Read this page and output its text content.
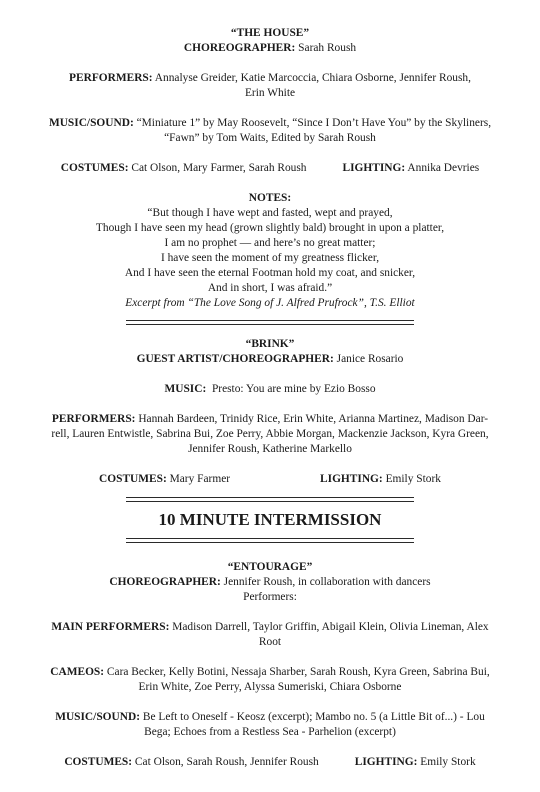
“THE HOUSE”
CHOREOGRAPHER: Sarah Roush
PERFORMERS: Annalyse Greider, Katie Marcoccia, Chiara Osborne, Jennifer Roush,
Erin White
MUSIC/SOUND: “Miniature 1” by May Roosevelt, “Since I Don’t Have You” by the Skyliners,
“Fawn” by Tom Waits, Edited by Sarah Roush
COSTUMES: Cat Olson, Mary Farmer, Sarah Roush	LIGHTING: Annika Devries
NOTES:
“But though I have wept and fasted, wept and prayed,
Though I have seen my head (grown slightly bald) brought in upon a platter,
I am no prophet — and here’s no great matter;
I have seen the moment of my greatness flicker,
And I have seen the eternal Footman hold my coat, and snicker,
And in short, I was afraid.”
Excerpt from “The Love Song of J. Alfred Prufrock”, T.S. Elliot
“BRINK”
GUEST ARTIST/CHOREOGRAPHER: Janice Rosario
MUSIC: Presto: You are mine by Ezio Bosso
PERFORMERS: Hannah Bardeen, Trinidy Rice, Erin White, Arianna Martinez, Madison Dar-
rell, Lauren Entwistle, Sabrina Bui, Zoe Perry, Abbie Morgan, Mackenzie Jackson, Kyra Green,
Jennifer Roush, Katherine Markello
COSTUMES: Mary Farmer	LIGHTING: Emily Stork
10 MINUTE INTERMISSION
“ENTOURAGE”
CHOREOGRAPHER: Jennifer Roush, in collaboration with dancers
Performers:
MAIN PERFORMERS: Madison Darrell, Taylor Griffin, Abigail Klein, Olivia Lineman, Alex
Root
CAMEOS: Cara Becker, Kelly Botini, Nessaja Sharber, Sarah Roush, Kyra Green, Sabrina Bui,
Erin White, Zoe Perry, Alyssa Sumeriski, Chiara Osborne
MUSIC/SOUND: Be Left to Oneself - Keosz (excerpt); Mambo no. 5 (a Little Bit of...) - Lou
Bega; Echoes from a Restless Sea - Parhelion (excerpt)
COSTUMES: Cat Olson, Sarah Roush, Jennifer Roush	LIGHTING: Emily Stork
